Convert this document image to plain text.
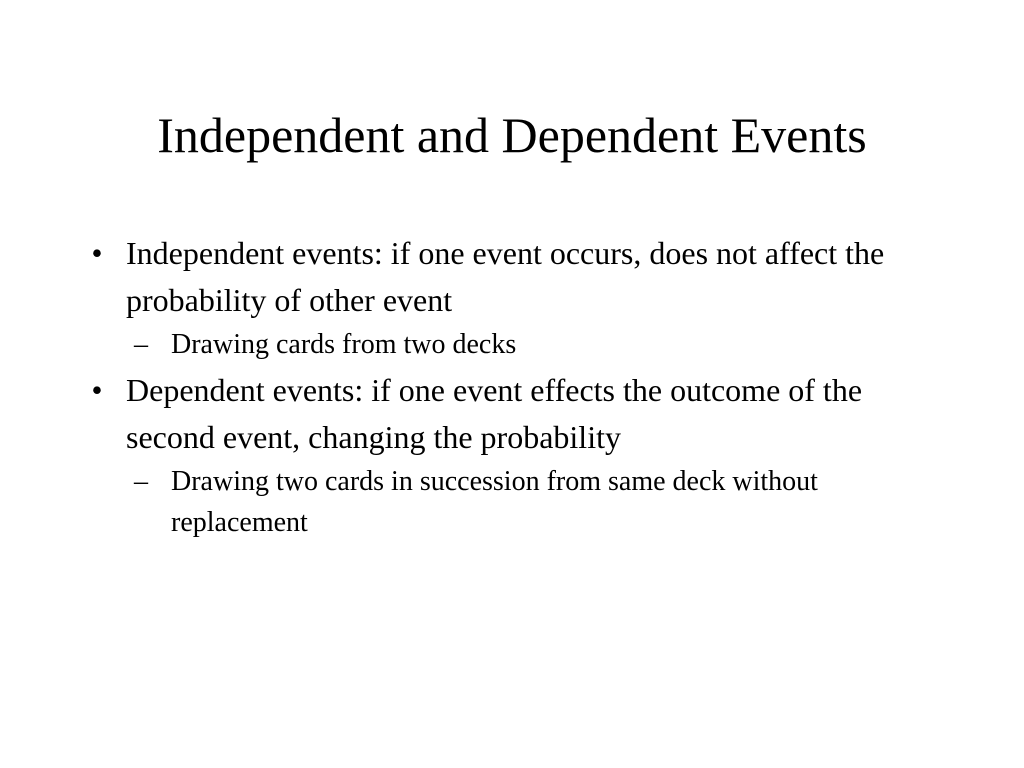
Independent and Dependent Events
• Independent events: if one event occurs, does not affect the probability of other event
– Drawing cards from two decks
• Dependent events: if one event effects the outcome of the second event, changing the probability
– Drawing two cards in succession from same deck without replacement
